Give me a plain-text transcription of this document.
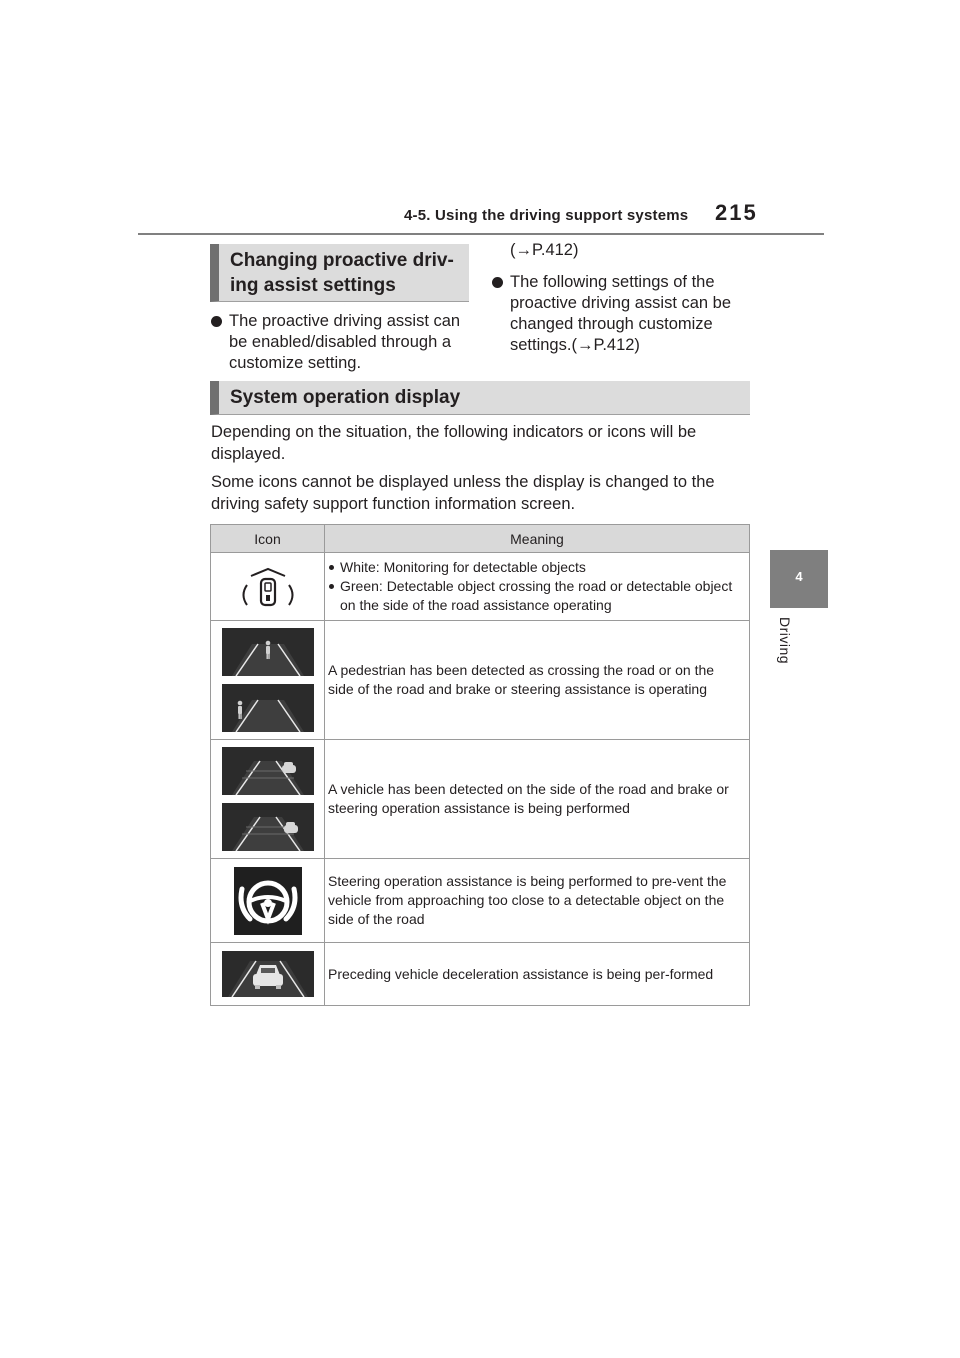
4-5. Using the driving support systems 215
4
Driving
Changing proactive driv-
ing assist settings
The proactive driving assist can be enabled/disabled through a customize setting.
(→P.412)
The following settings of the proactive driving assist can be changed through customize settings.(→P.412)
System operation display
Depending on the situation, the following indicators or icons will be displayed.
Some icons cannot be displayed unless the display is changed to the driving safety support function information screen.
Icon	Meaning

White: Monitoring for detectable objects
Green: Detectable object crossing the road or detectable object on the side of the road assistance operating

	A pedestrian has been detected as crossing the road or on the side of the road and brake or steering assistance is operating

	A vehicle has been detected on the side of the road and brake or steering operation assistance is being performed

	Steering operation assistance is being performed to pre-vent the vehicle from approaching too close to a detectable object on the side of the road

	Preceding vehicle deceleration assistance is being per-formed
